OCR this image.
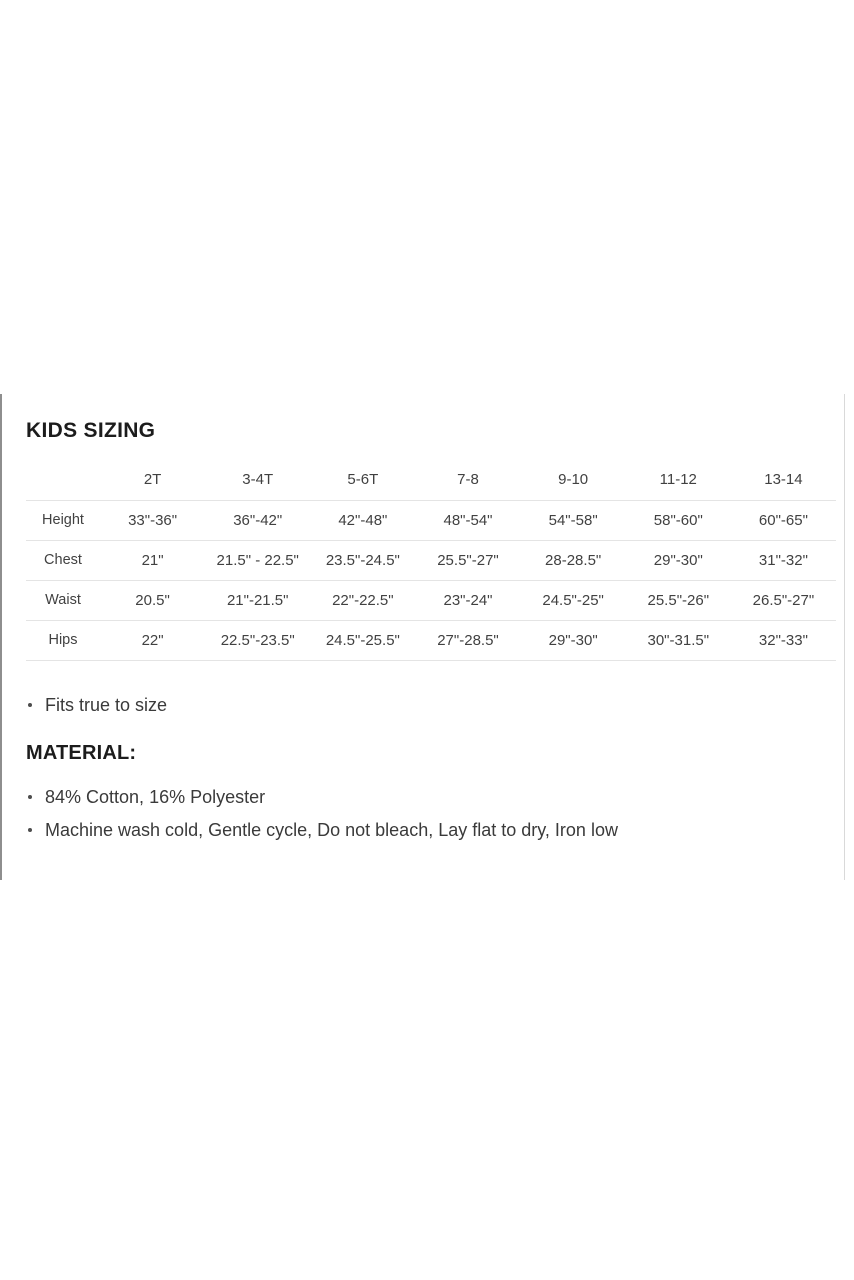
KIDS SIZING
	2T	3-4T	5-6T	7-8	9-10	11-12	13-14
Height	33"-36"	36"-42"	42"-48"	48"-54"	54"-58"	58"-60"	60"-65"
Chest	21"	21.5" - 22.5"	23.5"-24.5"	25.5"-27"	28-28.5"	29"-30"	31"-32"
Waist	20.5"	21"-21.5"	22"-22.5"	23"-24"	24.5"-25"	25.5"-26"	26.5"-27"
Hips	22"	22.5"-23.5"	24.5"-25.5"	27"-28.5"	29"-30"	30"-31.5"	32"-33"
Fits true to size
MATERIAL:
84% Cotton, 16% Polyester
Machine wash cold, Gentle cycle, Do not bleach, Lay flat to dry, Iron low
